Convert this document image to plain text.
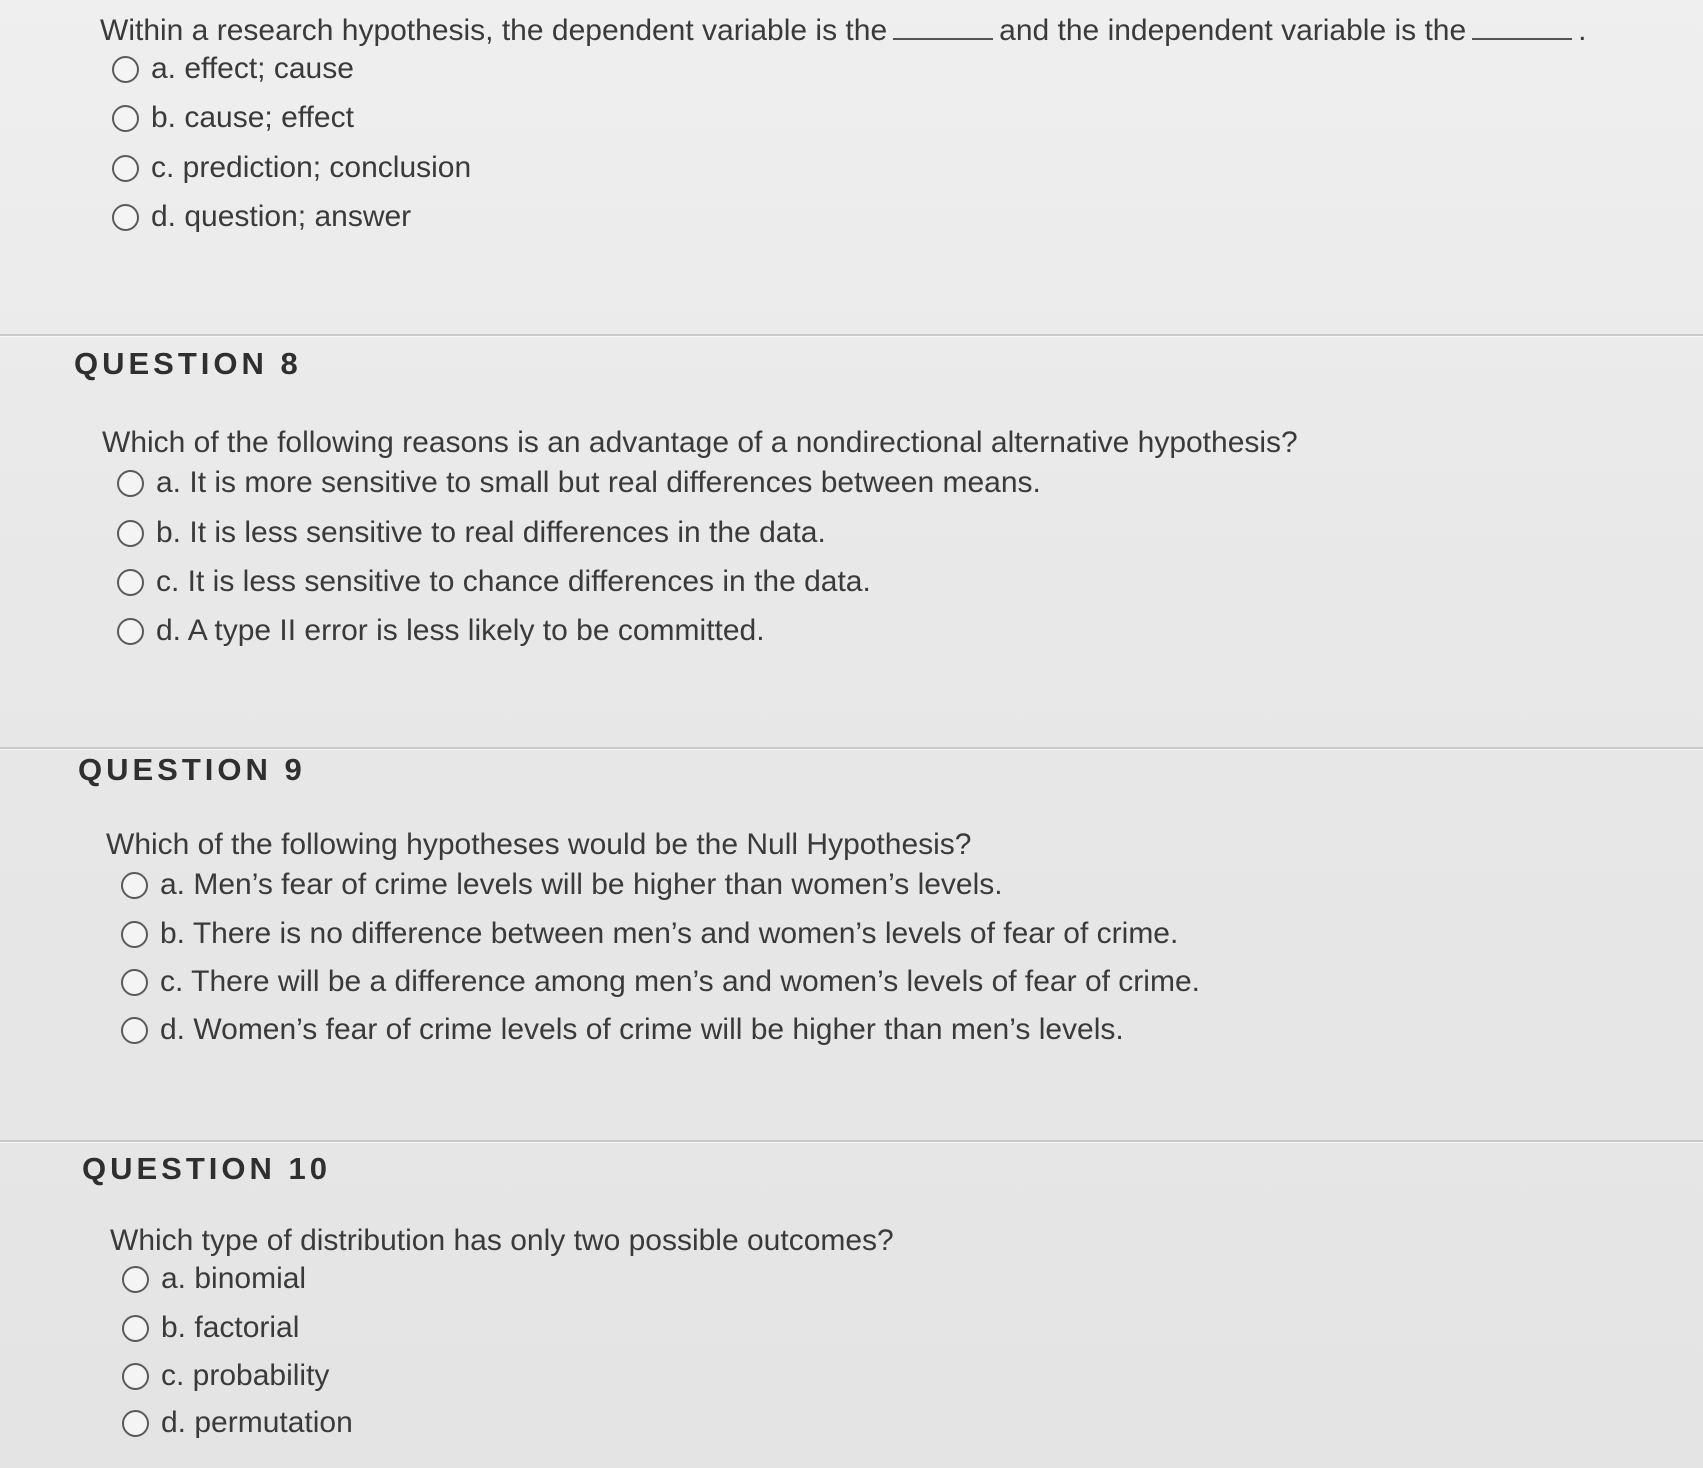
Within a research hypothesis, the dependent variable is the	and the independent variable is the	.
a. effect; cause
b. cause; effect
c. prediction; conclusion
d. question; answer
QUESTION 8
Which of the following reasons is an advantage of a nondirectional alternative hypothesis?
a. It is more sensitive to small but real differences between means.
b. It is less sensitive to real differences in the data.
c. It is less sensitive to chance differences in the data.
d. A type II error is less likely to be committed.
QUESTION 9
Which of the following hypotheses would be the Null Hypothesis?
a. Men’s fear of crime levels will be higher than women’s levels.
b. There is no difference between men’s and women’s levels of fear of crime.
c. There will be a difference among men’s and women’s levels of fear of crime.
d. Women’s fear of crime levels of crime will be higher than men’s levels.
QUESTION 10
Which type of distribution has only two possible outcomes?
a. binomial
b. factorial
c. probability
d. permutation
